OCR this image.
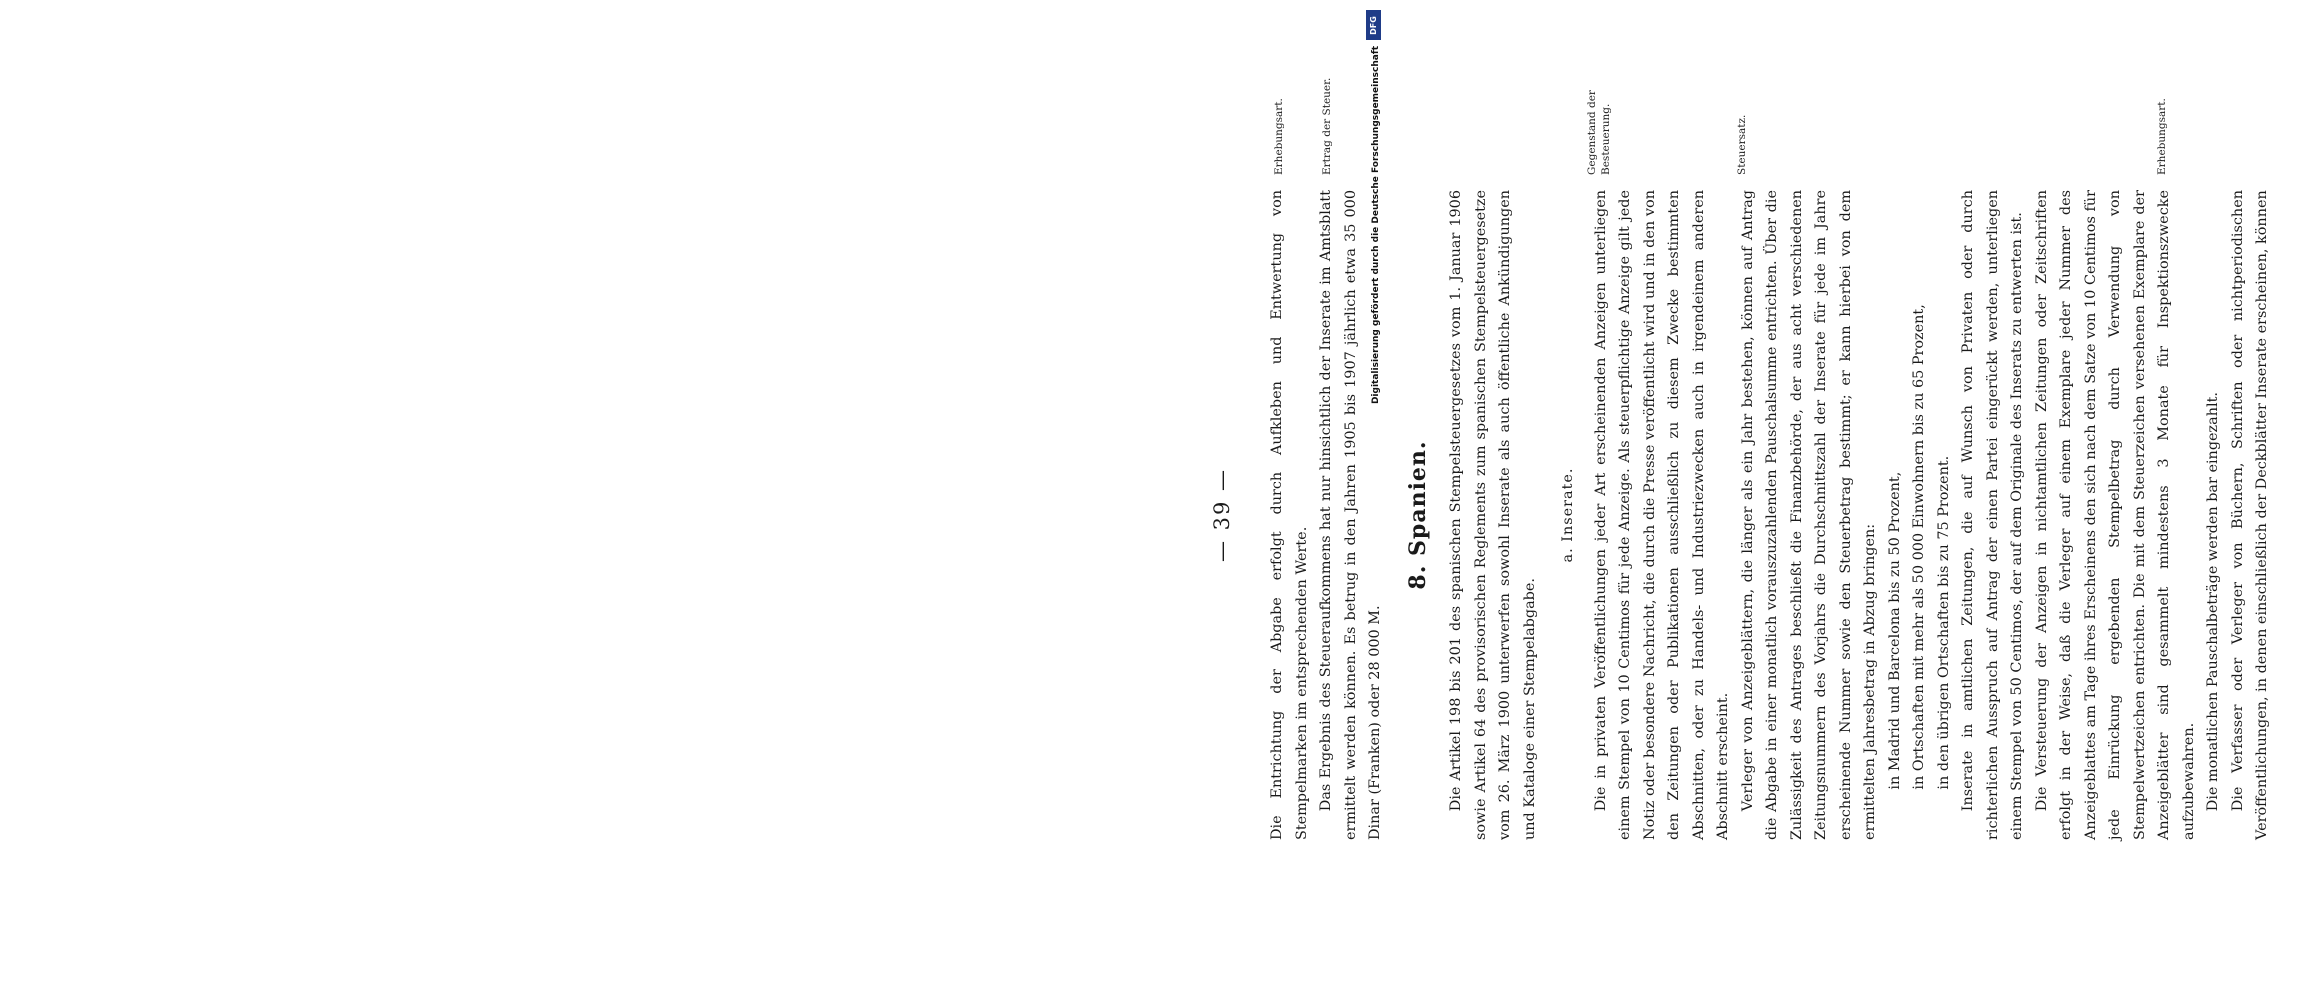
— 39 —	Die Entrichtung der Abgabe erfolgt durch Aufkleben und Entwertung von Stempelmarken im entsprechenden Werte. Das Ergebnis des Steueraufkommens hat nur hinsichtlich der Inserate im Amtsblatt ermittelt werden können. Es betrug in den Jahren 1905 bis 1907 jährlich etwa 35 000 Dinar (Franken) oder 28 000 M.

8. Spanien. Die Artikel 198 bis 201 des spanischen Stempelsteuergesetzes vom 1. Januar 1906 sowie Artikel 64 des provisorischen Reglements zum spanischen Stempelsteuergesetze vom 26. März 1900 unterwerfen sowohl Inserate als auch öffentliche Ankündigungen und Kataloge einer Stempelabgabe.

a. Inserate.	Die in privaten Veröffentlichungen jeder Art erscheinenden Anzeigen unterliegen einem Stempel von 10 Centimos für jede Anzeige. Als steuerpflichtige Anzeige gilt jede Notiz oder besondere Nachricht, die durch die Presse veröffentlicht wird und in den von den Zeitungen oder Publikationen ausschließlich zu diesem Zwecke bestimmten Abschnitten, oder zu Handels- und Industriezwecken auch in irgendeinem anderen Abschnitt erscheint. Verleger von Anzeigeblättern, die länger als ein Jahr bestehen, können auf Antrag die Abgabe in einer monatlich vorauszuzahlenden Pauschalsumme entrichten. Über die Zulässigkeit des Antrages beschließt die Finanzbehörde, der aus acht verschiedenen Zeitungsnummern des Vorjahrs die Durchschnittszahl der Inserate für jede im Jahre erscheinende Nummer sowie den Steuerbetrag bestimmt; er kann hierbei von dem ermittelten Jahresbetrag in Abzug bringen: in Madrid und Barcelona bis zu 50 Prozent, in Ortschaften mit mehr als 50 000 Einwohnern bis zu 65 Prozent, in den übrigen Ortschaften bis zu 75 Prozent. Inserate in amtlichen Zeitungen, die auf Wunsch von Privaten oder durch richterlichen Ausspruch auf Antrag der einen Partei eingerückt werden, unterliegen einem Stempel von 50 Centimos, der auf dem Originale des Inserats zu entwerten ist. Die Versteuerung der Anzeigen in nichtamtlichen Zeitungen oder Zeitschriften erfolgt in der Weise, daß die Verleger auf einem Exemplare jeder Nummer des Anzeigeblattes am Tage ihres Erscheinens den sich nach dem Satze von 10 Centimos für jede Einrückung ergebenden Stempelbetrag durch Verwendung von Stempelwertzeichen entrichten. Die mit dem Steuerzeichen versehenen Exemplare der Anzeigeblätter sind gesammelt mindestens 3 Monate für Inspektionszwecke aufzubewahren. Die monatlichen Pauschalbeträge werden bar eingezahlt. Die Verfasser oder Verleger von Büchern, Schriften oder nichtperiodischen Veröffentlichungen, in denen einschließlich der Deckblätter Inserate erscheinen, können

Erhebungsart.	Ertrag der Steuer.	Gegenstand der Besteuerung.	Steuersatz.	Erhebungsart.
DFG
Digitalisierung gefördert durch die Deutsche Forschungsgemeinschaft
